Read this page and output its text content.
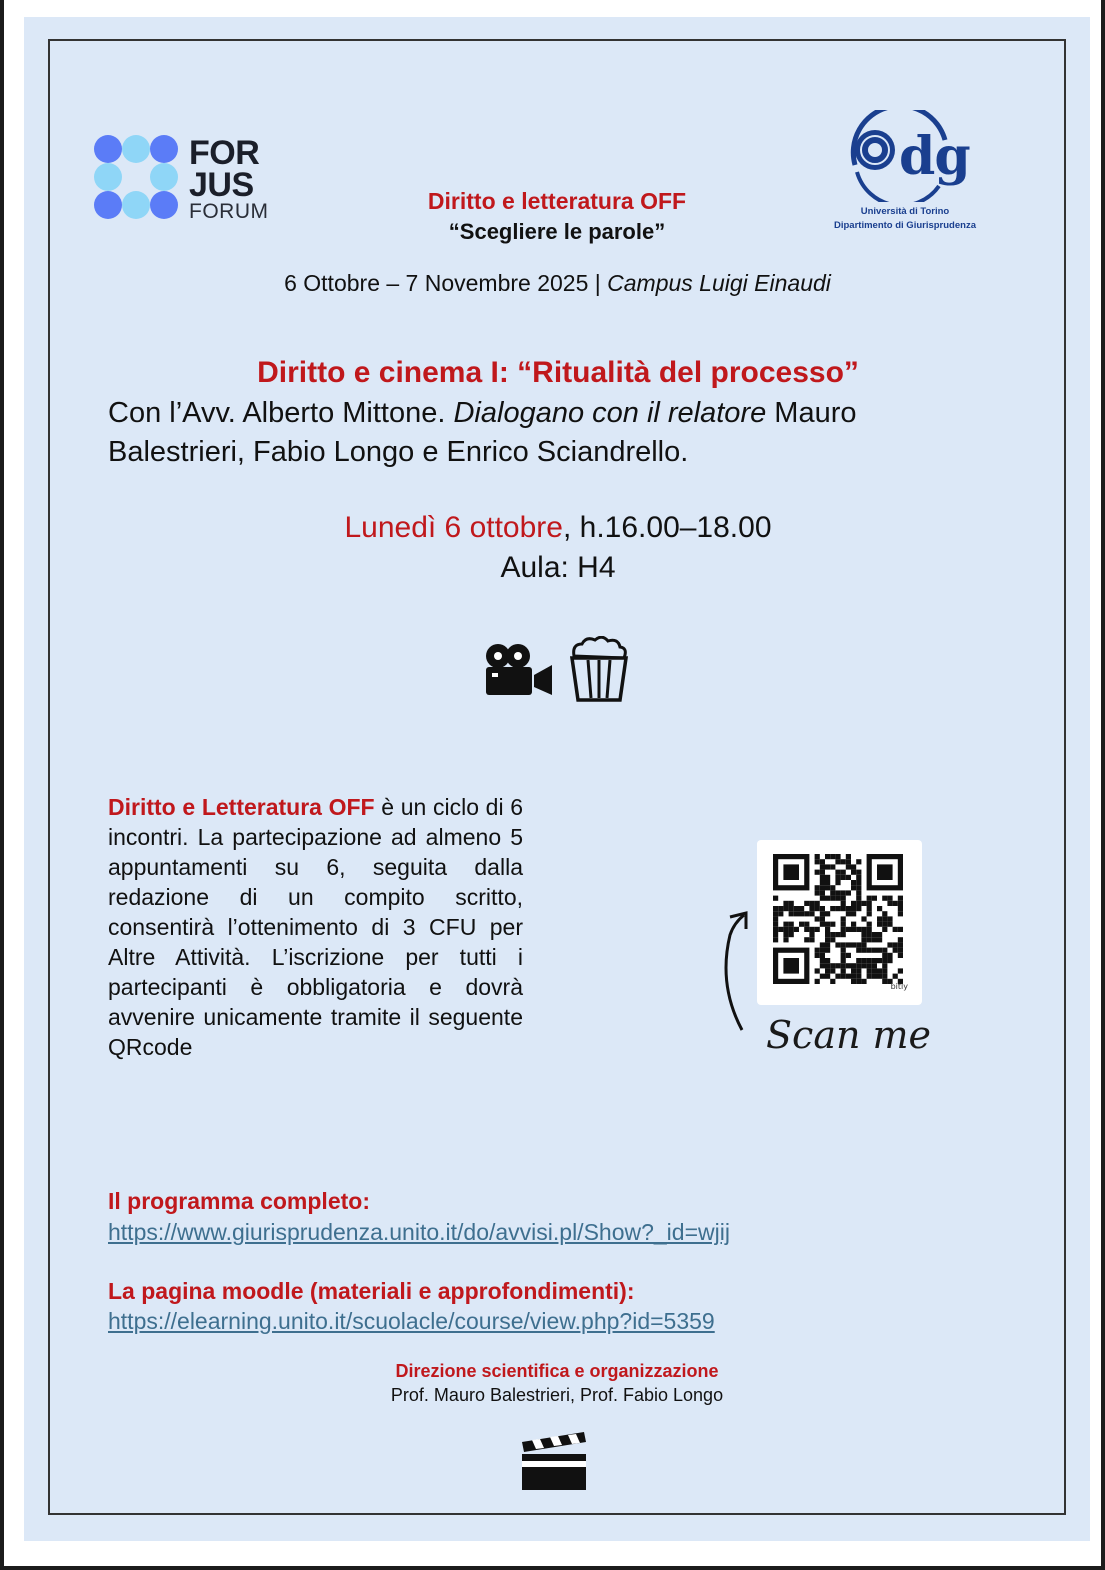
FOR
JUS
FORUM
dg
Università di Torino
Dipartimento di Giurisprudenza
Diritto e letteratura OFF
“Scegliere le parole”
6 Ottobre – 7 Novembre 2025 | Campus Luigi Einaudi
Diritto e cinema I: “Ritualità del processo”
Con l’Avv. Alberto Mittone. Dialogano con il relatore Mauro Balestrieri, Fabio Longo e Enrico Sciandrello.
Lunedì 6 ottobre, h.16.00–18.00
Aula: H4
Diritto e Letteratura OFF è un ciclo di 6 incontri. La partecipazione ad almeno 5 appuntamenti su 6, seguita dalla redazione di un compito scritto, consentirà l’ottenimento di 3 CFU per Altre Attività. L’iscrizione per tutti i partecipanti è obbligatoria e dovrà avvenire unicamente tramite il seguente QRcode
bitly
Scan me
Il programma completo:
https://www.giurisprudenza.unito.it/do/avvisi.pl/Show?_id=wjij
La pagina moodle (materiali e approfondimenti):
https://elearning.unito.it/scuolacle/course/view.php?id=5359
Direzione scientifica e organizzazione
Prof. Mauro Balestrieri, Prof. Fabio Longo
